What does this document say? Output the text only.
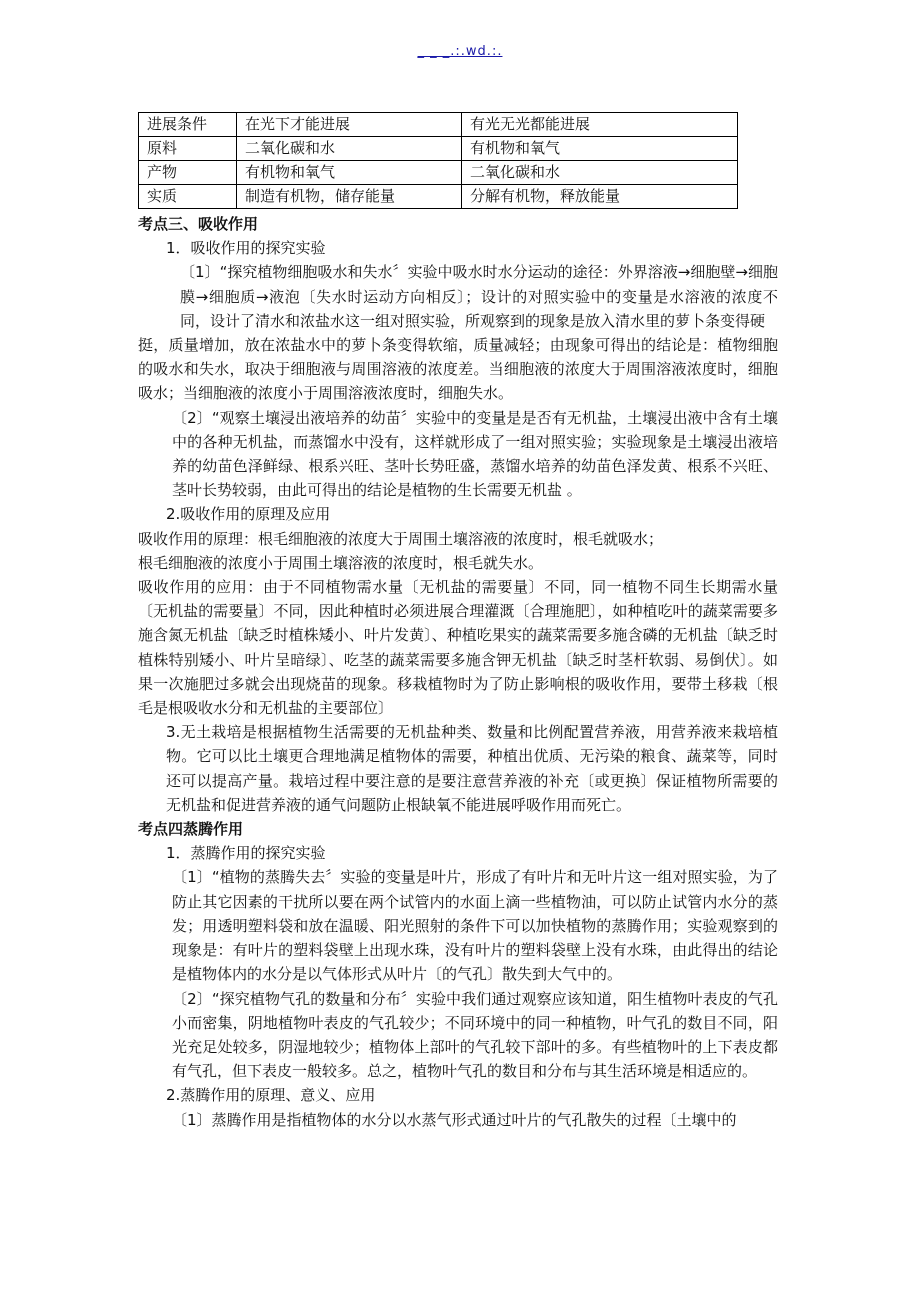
_ _ _.:.wd.:.
进展条件	在光下才能进展	有光无光都能进展
原料	二氧化碳和水	有机物和氧气
产物	有机物和氧气	二氧化碳和水
实质	制造有机物，储存能量	分解有机物，释放能量

考点三、吸收作用

1．吸收作用的探究实验

〔1〕“探究植物细胞吸水和失水〞实验中吸水时水分运动的途径：外界溶液→细胞壁→细胞膜→细胞质→液泡〔失水时运动方向相反〕；设计的对照实验中的变量是水溶液的浓度不同，设计了清水和浓盐水这一组对照实验，所观察到的现象是放入清水里的萝卜条变得硬

挺，质量增加，放在浓盐水中的萝卜条变得软缩，质量减轻；由现象可得出的结论是：植物细胞的吸水和失水，取决于细胞液与周围溶液的浓度差。当细胞液的浓度大于周围溶液浓度时，细胞吸水；当细胞液的浓度小于周围溶液浓度时，细胞失水。

〔2〕“观察土壤浸出液培养的幼苗〞实验中的变量是是否有无机盐，土壤浸出液中含有土壤中的各种无机盐，而蒸馏水中没有，这样就形成了一组对照实验；实验现象是土壤浸出液培养的幼苗色泽鲜绿、根系兴旺、茎叶长势旺盛，蒸馏水培养的幼苗色泽发黄、根系不兴旺、茎叶长势较弱，由此可得出的结论是植物的生长需要无机盐 。

2.吸收作用的原理及应用

吸收作用的原理：根毛细胞液的浓度大于周围土壤溶液的浓度时，根毛就吸水；

根毛细胞液的浓度小于周围土壤溶液的浓度时，根毛就失水。

吸收作用的应用：由于不同植物需水量〔无机盐的需要量〕不同，同一植物不同生长期需水量〔无机盐的需要量〕不同，因此种植时必须进展合理灌溉〔合理施肥〕，如种植吃叶的蔬菜需要多施含氮无机盐〔缺乏时植株矮小、叶片发黄〕、种植吃果实的蔬菜需要多施含磷的无机盐〔缺乏时植株特别矮小、叶片呈暗绿〕、吃茎的蔬菜需要多施含钾无机盐〔缺乏时茎杆软弱、易倒伏〕。如果一次施肥过多就会出现烧苗的现象。移栽植物时为了防止影响根的吸收作用，要带土移栽〔根毛是根吸收水分和无机盐的主要部位〕

3.无土栽培是根据植物生活需要的无机盐种类、数量和比例配置营养液，用营养液来栽培植物。它可以比土壤更合理地满足植物体的需要，种植出优质、无污染的粮食、蔬菜等，同时还可以提高产量。栽培过程中要注意的是要注意营养液的补充〔或更换〕保证植物所需要的无机盐和促进营养液的通气问题防止根缺氧不能进展呼吸作用而死亡。

考点四蒸腾作用

1．蒸腾作用的探究实验

〔1〕“植物的蒸腾失去〞实验的变量是叶片，形成了有叶片和无叶片这一组对照实验，为了防止其它因素的干扰所以要在两个试管内的水面上滴一些植物油，可以防止试管内水分的蒸发；用透明塑料袋和放在温暖、阳光照射的条件下可以加快植物的蒸腾作用；实验观察到的现象是：有叶片的塑料袋壁上出现水珠，没有叶片的塑料袋壁上没有水珠，由此得出的结论是植物体内的水分是以气体形式从叶片〔的气孔〕散失到大气中的。

〔2〕“探究植物气孔的数量和分布〞实验中我们通过观察应该知道，阳生植物叶表皮的气孔小而密集，阴地植物叶表皮的气孔较少；不同环境中的同一种植物，叶气孔的数目不同，阳光充足处较多，阴湿地较少；植物体上部叶的气孔较下部叶的多。有些植物叶的上下表皮都有气孔，但下表皮一般较多。总之，植物叶气孔的数目和分布与其生活环境是相适应的。

2.蒸腾作用的原理、意义、应用

〔1〕蒸腾作用是指植物体的水分以水蒸气形式通过叶片的气孔散失的过程〔土壤中的
